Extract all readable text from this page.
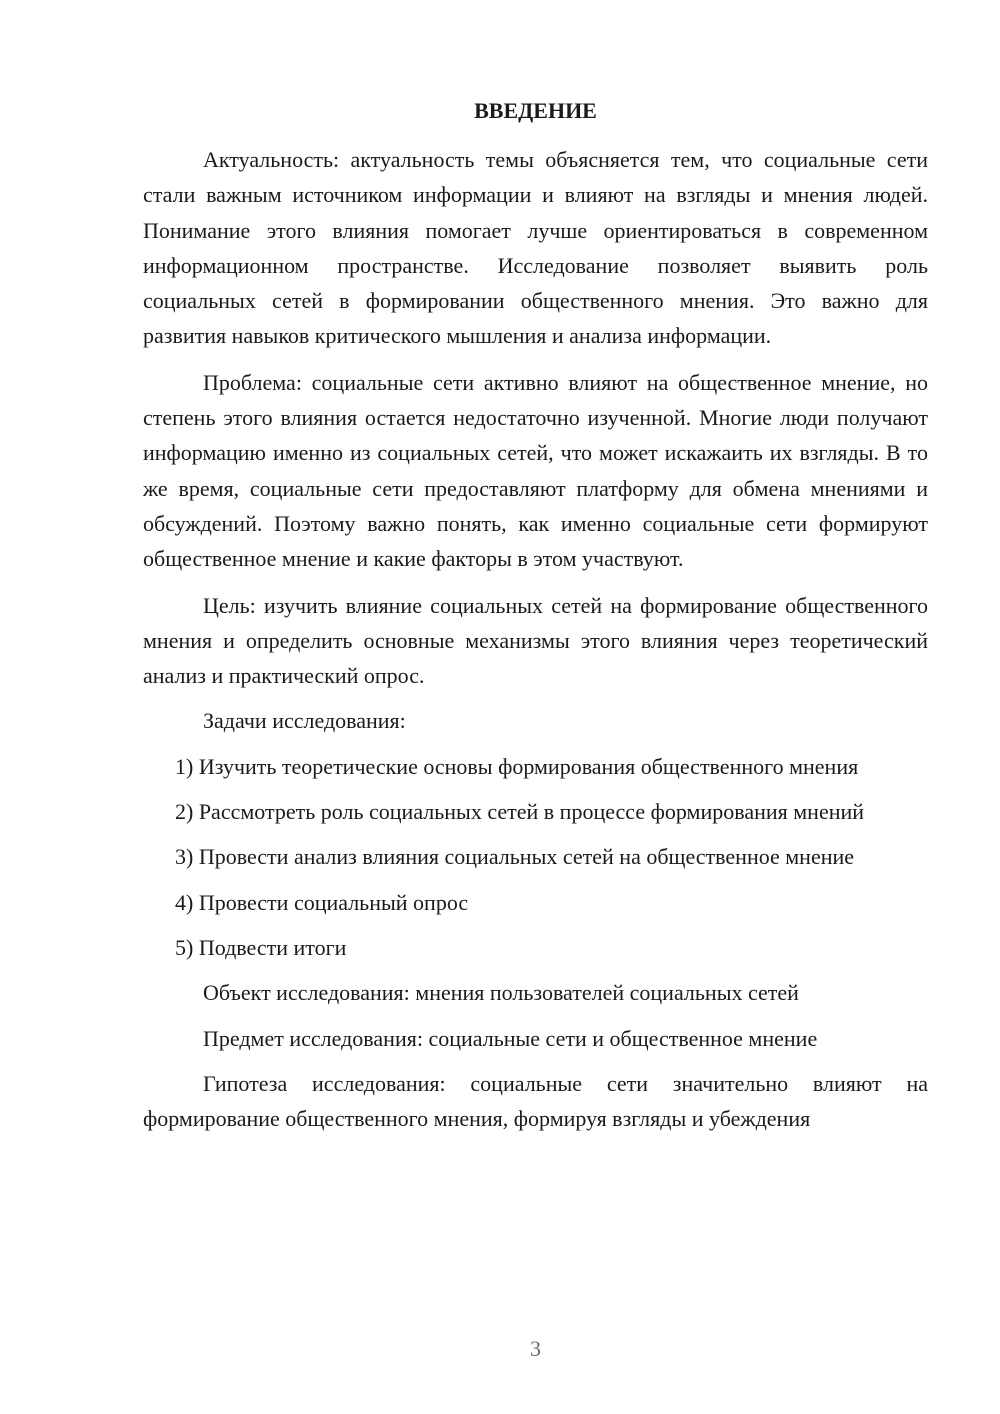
ВВЕДЕНИЕ

Актуальность: актуальность темы объясняется тем, что социальные сети стали важным источником информации и влияют на взгляды и мнения людей. Понимание этого влияния помогает лучше ориентироваться в современном информационном пространстве. Исследование позволяет выявить роль социальных сетей в формировании общественного мнения. Это важно для развития навыков критического мышления и анализа информации.

Проблема: социальные сети активно влияют на общественное мнение, но степень этого влияния остается недостаточно изученной. Многие люди получают информацию именно из социальных сетей, что может искажаить их взгляды. В то же время, социальные сети предоставляют платформу для обмена мнениями и обсуждений. Поэтому важно понять, как именно социальные сети формируют общественное мнение и какие факторы в этом участвуют.

Цель: изучить влияние социальных сетей на формирование общественного мнения и определить основные механизмы этого влияния через теоретический анализ и практический опрос.

Задачи исследования:

1) Изучить теоретические основы формирования общественного мнения

2) Рассмотреть роль социальных сетей в процессе формирования мнений

3) Провести анализ влияния социальных сетей на общественное мнение

4) Провести социальный опрос

5) Подвести итоги

Объект исследования: мнения пользователей социальных сетей

Предмет исследования: социальные сети и общественное мнение

Гипотеза исследования: социальные сети значительно влияют на формирование общественного мнения, формируя взгляды и убеждения

3
